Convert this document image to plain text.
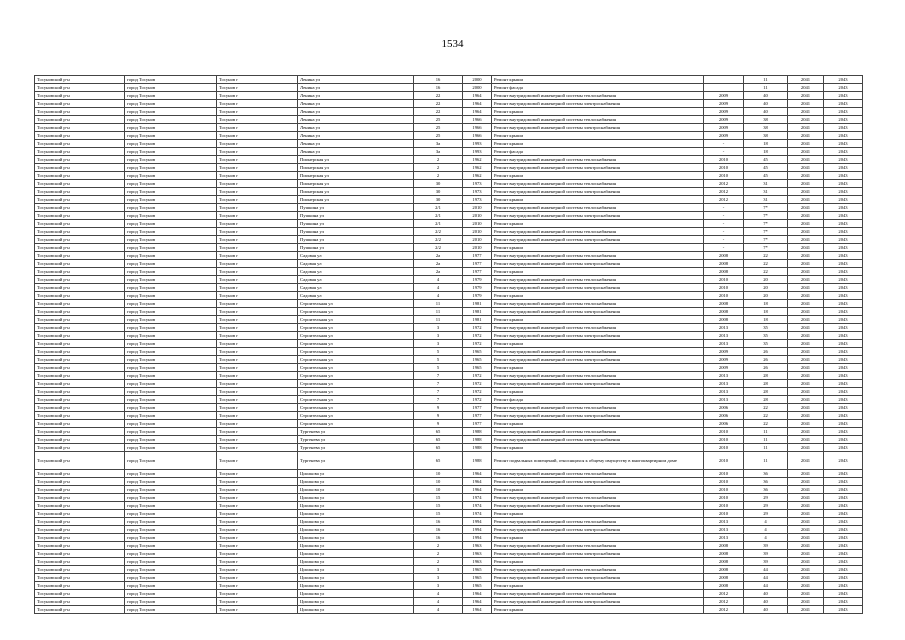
1534
Тосуновский р-н	город Тосунов	Тосунов г	Ленина ул	16	2000	Ремонт крыши		11	2041	2043
Тосуновский р-н	город Тосунов	Тосунов г	Ленина ул	16	2000	Ремонт фасада		11	2041	2043
Тосуновский р-н	город Тосунов	Тосунов г	Ленина ул	22	1964	Ремонт внутридомовой инженерной системы теплоснабжения	2009	40	2041	2043
Тосуновский р-н	город Тосунов	Тосунов г	Ленина ул	22	1964	Ремонт внутридомовой инженерной системы электроснабжения	2009	40	2041	2043
Тосуновский р-н	город Тосунов	Тосунов г	Ленина ул	22	1964	Ремонт крыши	2009	40	2041	2043
Тосуновский р-н	город Тосунов	Тосунов г	Ленина ул	25	1966	Ремонт внутридомовой инженерной системы теплоснабжения	2009	38	2041	2043
Тосуновский р-н	город Тосунов	Тосунов г	Ленина ул	25	1966	Ремонт внутридомовой инженерной системы электроснабжения	2009	38	2041	2043
Тосуновский р-н	город Тосунов	Тосунов г	Ленина ул	25	1966	Ремонт крыши	2009	38	2041	2043
Тосуновский р-н	город Тосунов	Тосунов г	Ленина ул	3а	1993	Ремонт крыши	-	18	2041	2043
Тосуновский р-н	город Тосунов	Тосунов г	Ленина ул	3а	1993	Ремонт фасада	-	18	2041	2043
Тосуновский р-н	город Тосунов	Тосунов г	Пионерская ул	2	1962	Ремонт внутридомовой инженерной системы теплоснабжения	2010	45	2041	2043
Тосуновский р-н	город Тосунов	Тосунов г	Пионерская ул	2	1962	Ремонт внутридомовой инженерной системы электроснабжения	2010	45	2041	2043
Тосуновский р-н	город Тосунов	Тосунов г	Пионерская ул	2	1962	Ремонт крыши	2010	45	2041	2043
Тосуновский р-н	город Тосунов	Тосунов г	Пионерская ул	30	1973	Ремонт внутридомовой инженерной системы теплоснабжения	2012	31	2041	2043
Тосуновский р-н	город Тосунов	Тосунов г	Пионерская ул	30	1973	Ремонт внутридомовой инженерной системы электроснабжения	2012	31	2041	2043
Тосуновский р-н	город Тосунов	Тосунов г	Пионерская ул	30	1973	Ремонт крыши	2012	31	2041	2043
Тосуновский р-н	город Тосунов	Тосунов г	Пушкина ул	2/1	2010	Ремонт внутридомовой инженерной системы теплоснабжения	-	7*	2041	2043
Тосуновский р-н	город Тосунов	Тосунов г	Пушкина ул	2/1	2010	Ремонт внутридомовой инженерной системы электроснабжения	-	7*	2041	2043
Тосуновский р-н	город Тосунов	Тосунов г	Пушкина ул	2/1	2010	Ремонт крыши	-	7*	2041	2043
Тосуновский р-н	город Тосунов	Тосунов г	Пушкина ул	2/2	2010	Ремонт внутридомовой инженерной системы теплоснабжения	-	7*	2041	2043
Тосуновский р-н	город Тосунов	Тосунов г	Пушкина ул	2/2	2010	Ремонт внутридомовой инженерной системы электроснабжения	-	7*	2041	2043
Тосуновский р-н	город Тосунов	Тосунов г	Пушкина ул	2/2	2010	Ремонт крыши	-	7*	2041	2043
Тосуновский р-н	город Тосунов	Тосунов г	Садовая ул	2а	1977	Ремонт внутридомовой инженерной системы теплоснабжения	2008	22	2041	2043
Тосуновский р-н	город Тосунов	Тосунов г	Садовая ул	2а	1977	Ремонт внутридомовой инженерной системы электроснабжения	2008	22	2041	2043
Тосуновский р-н	город Тосунов	Тосунов г	Садовая ул	2а	1977	Ремонт крыши	2008	22	2041	2043
Тосуновский р-н	город Тосунов	Тосунов г	Садовая ул	4	1979	Ремонт внутридомовой инженерной системы теплоснабжения	2010	20	2041	2043
Тосуновский р-н	город Тосунов	Тосунов г	Садовая ул	4	1979	Ремонт внутридомовой инженерной системы электроснабжения	2010	20	2041	2043
Тосуновский р-н	город Тосунов	Тосунов г	Садовая ул	4	1979	Ремонт крыши	2010	20	2041	2043
Тосуновский р-н	город Тосунов	Тосунов г	Строительная ул	11	1981	Ремонт внутридомовой инженерной системы теплоснабжения	2008	18	2041	2043
Тосуновский р-н	город Тосунов	Тосунов г	Строительная ул	11	1981	Ремонт внутридомовой инженерной системы электроснабжения	2008	18	2041	2043
Тосуновский р-н	город Тосунов	Тосунов г	Строительная ул	11	1981	Ремонт крыши	2008	18	2041	2043
Тосуновский р-н	город Тосунов	Тосунов г	Строительная ул	3	1972	Ремонт внутридомовой инженерной системы теплоснабжения	2013	35	2041	2043
Тосуновский р-н	город Тосунов	Тосунов г	Строительная ул	3	1972	Ремонт внутридомовой инженерной системы электроснабжения	2013	35	2041	2043
Тосуновский р-н	город Тосунов	Тосунов г	Строительная ул	3	1972	Ремонт крыши	2013	35	2041	2043
Тосуновский р-н	город Тосунов	Тосунов г	Строительная ул	5	1965	Ремонт внутридомовой инженерной системы теплоснабжения	2009	26	2041	2043
Тосуновский р-н	город Тосунов	Тосунов г	Строительная ул	5	1965	Ремонт внутридомовой инженерной системы электроснабжения	2009	26	2041	2043
Тосуновский р-н	город Тосунов	Тосунов г	Строительная ул	5	1965	Ремонт крыши	2009	26	2041	2043
Тосуновский р-н	город Тосунов	Тосунов г	Строительная ул	7	1972	Ремонт внутридомовой инженерной системы теплоснабжения	2013	28	2041	2043
Тосуновский р-н	город Тосунов	Тосунов г	Строительная ул	7	1972	Ремонт внутридомовой инженерной системы электроснабжения	2013	28	2041	2043
Тосуновский р-н	город Тосунов	Тосунов г	Строительная ул	7	1972	Ремонт крыши	2013	28	2041	2043
Тосуновский р-н	город Тосунов	Тосунов г	Строительная ул	7	1972	Ремонт фасада	2013	28	2041	2043
Тосуновский р-н	город Тосунов	Тосунов г	Строительная ул	9	1977	Ремонт внутридомовой инженерной системы теплоснабжения	2006	22	2041	2043
Тосуновский р-н	город Тосунов	Тосунов г	Строительная ул	9	1977	Ремонт внутридомовой инженерной системы электроснабжения	2006	22	2041	2043
Тосуновский р-н	город Тосунов	Тосунов г	Строительная ул	9	1977	Ремонт крыши	2006	22	2041	2043
Тосуновский р-н	город Тосунов	Тосунов г	Тургенева ул	65	1988	Ремонт внутридомовой инженерной системы теплоснабжения	2010	11	2041	2043
Тосуновский р-н	город Тосунов	Тосунов г	Тургенева ул	65	1988	Ремонт внутридомовой инженерной системы электроснабжения	2010	11	2041	2043
Тосуновский р-н	город Тосунов	Тосунов г	Тургенева ул	65	1988	Ремонт крыши	2010	11	2041	2043
Тосуновский р-н	город Тосунов	Тосунов г	Тургенева ул	65	1988	Ремонт подвальных помещений, относящихся к общему имуществу в многоквартирном доме	2010	11	2041	2043
Тосуновский р-н	город Тосунов	Тосунов г	Циолкова ул	10	1964	Ремонт внутридомовой инженерной системы теплоснабжения	2010	36	2041	2043
Тосуновский р-н	город Тосунов	Тосунов г	Циолкова ул	10	1964	Ремонт внутридомовой инженерной системы электроснабжения	2010	36	2041	2043
Тосуновский р-н	город Тосунов	Тосунов г	Циолкова ул	10	1964	Ремонт крыши	2010	36	2041	2043
Тосуновский р-н	город Тосунов	Тосунов г	Циолкова ул	15	1974	Ремонт внутридомовой инженерной системы теплоснабжения	2010	29	2041	2043
Тосуновский р-н	город Тосунов	Тосунов г	Циолкова ул	15	1974	Ремонт внутридомовой инженерной системы электроснабжения	2010	29	2041	2043
Тосуновский р-н	город Тосунов	Тосунов г	Циолкова ул	15	1974	Ремонт крыши	2010	29	2041	2043
Тосуновский р-н	город Тосунов	Тосунов г	Циолкова ул	16	1994	Ремонт внутридомовой инженерной системы теплоснабжения	2013	4	2041	2043
Тосуновский р-н	город Тосунов	Тосунов г	Циолкова ул	16	1994	Ремонт внутридомовой инженерной системы электроснабжения	2013	4	2041	2043
Тосуновский р-н	город Тосунов	Тосунов г	Циолкова ул	16	1994	Ремонт крыши	2013	4	2041	2043
Тосуновский р-н	город Тосунов	Тосунов г	Циолкова ул	2	1963	Ремонт внутридомовой инженерной системы теплоснабжения	2008	39	2041	2043
Тосуновский р-н	город Тосунов	Тосунов г	Циолкова ул	2	1963	Ремонт внутридомовой инженерной системы электроснабжения	2008	39	2041	2043
Тосуновский р-н	город Тосунов	Тосунов г	Циолкова ул	2	1963	Ремонт крыши	2008	39	2041	2043
Тосуновский р-н	город Тосунов	Тосунов г	Циолкова ул	3	1965	Ремонт внутридомовой инженерной системы теплоснабжения	2008	44	2041	2043
Тосуновский р-н	город Тосунов	Тосунов г	Циолкова ул	3	1965	Ремонт внутридомовой инженерной системы электроснабжения	2008	44	2041	2043
Тосуновский р-н	город Тосунов	Тосунов г	Циолкова ул	3	1965	Ремонт крыши	2008	44	2041	2043
Тосуновский р-н	город Тосунов	Тосунов г	Циолкова ул	4	1964	Ремонт внутридомовой инженерной системы теплоснабжения	2012	40	2041	2043
Тосуновский р-н	город Тосунов	Тосунов г	Циолкова ул	4	1964	Ремонт внутридомовой инженерной системы электроснабжения	2012	40	2041	2043
Тосуновский р-н	город Тосунов	Тосунов г	Циолкова ул	4	1964	Ремонт крыши	2012	40	2041	2043
